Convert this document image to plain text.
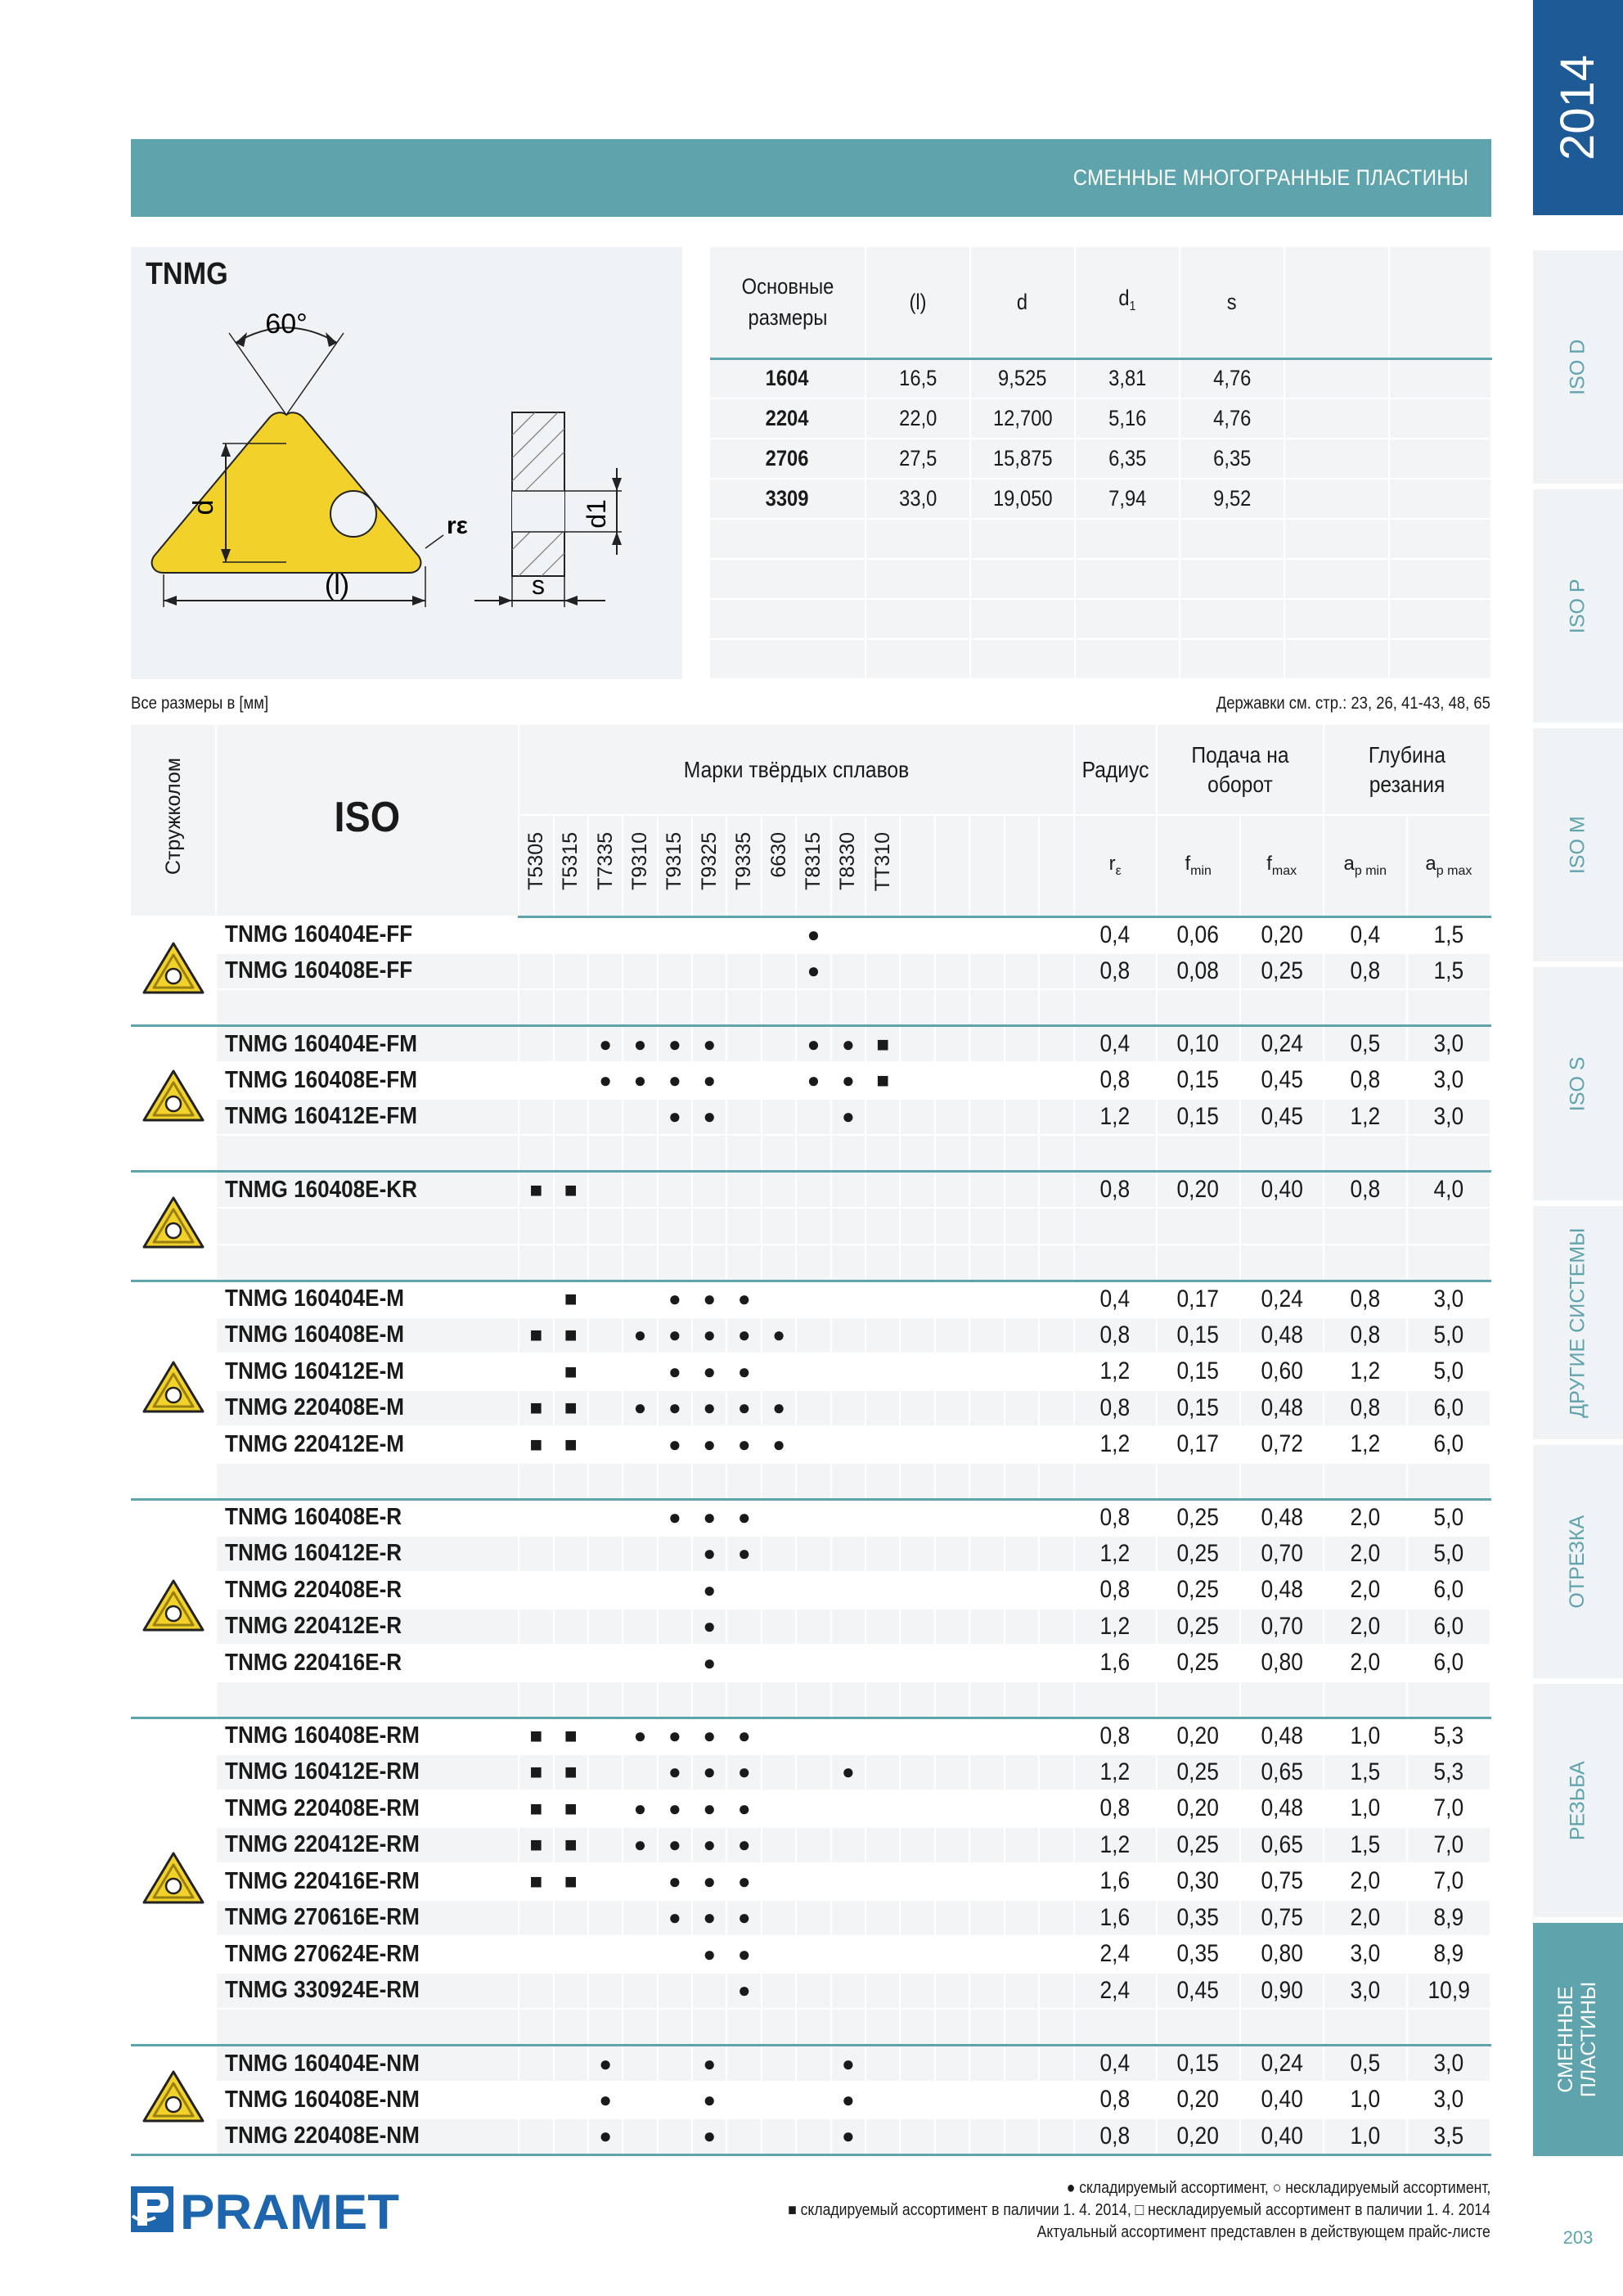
СМЕННЫЕ МНОГОГРАННЫЕ ПЛАСТИНЫ
2014
ISO D
ISO P
ISO M
ISO S
ДРУГИЕ СИСТЕМЫ
ОТРЕЗКА
РЕЗЬБА
СМЕННЫЕ ПЛАСТИНЫ
203
TNMG
60°
d
(l)
rε	d1
s
Основные размеры	(l)	d	$d_1$	s		
1604	16,5	9,525	3,81	4,76		
2204	22,0	12,700	5,16	4,76		
2706	27,5	15,875	6,35	6,35		
3309	33,0	19,050	7,94	9,52		

Все размеры в [мм]	Державки см. стр.: 23, 26, 41-43, 48, 65
Стружколом	ISO	Марки твёрдых сплавов																Радиус	Подача на оборот		Глубина резания	
		T5305	T5315	T7335	T9310	T9315	T9325	T9335	6630	T8315	T8330	TT310						$r_\varepsilon$	$f_{min}$	$f_{max}$	$a_{p min}$	$a_{p max}$
	TNMG 160404E-FF									●								0,4	0,06	0,20	0,4	1,5
	TNMG 160408E-FF									●								0,8	0,08	0,25	0,8	1,5

	TNMG 160404E-FM			●	●	●	●			●	●	■						0,4	0,10	0,24	0,5	3,0
	TNMG 160408E-FM			●	●	●	●			●	●	■						0,8	0,15	0,45	0,8	3,0
	TNMG 160412E-FM					●	●				●							1,2	0,15	0,45	1,2	3,0

	TNMG 160408E-KR	■	■															0,8	0,20	0,40	0,8	4,0

	TNMG 160404E-M		■			●	●	●										0,4	0,17	0,24	0,8	3,0
	TNMG 160408E-M	■	■		●	●	●	●	●									0,8	0,15	0,48	0,8	5,0
	TNMG 160412E-M		■			●	●	●										1,2	0,15	0,60	1,2	5,0
	TNMG 220408E-M	■	■		●	●	●	●	●									0,8	0,15	0,48	0,8	6,0
	TNMG 220412E-M	■	■			●	●	●	●									1,2	0,17	0,72	1,2	6,0

	TNMG 160408E-R					●	●	●										0,8	0,25	0,48	2,0	5,0
	TNMG 160412E-R						●	●										1,2	0,25	0,70	2,0	5,0
	TNMG 220408E-R						●											0,8	0,25	0,48	2,0	6,0
	TNMG 220412E-R						●											1,2	0,25	0,70	2,0	6,0
	TNMG 220416E-R						●											1,6	0,25	0,80	2,0	6,0

	TNMG 160408E-RM	■	■		●	●	●	●										0,8	0,20	0,48	1,0	5,3
	TNMG 160412E-RM	■	■			●	●	●			●							1,2	0,25	0,65	1,5	5,3
	TNMG 220408E-RM	■	■		●	●	●	●										0,8	0,20	0,48	1,0	7,0
	TNMG 220412E-RM	■	■		●	●	●	●										1,2	0,25	0,65	1,5	7,0
	TNMG 220416E-RM	■	■			●	●	●										1,6	0,30	0,75	2,0	7,0
	TNMG 270616E-RM					●	●	●										1,6	0,35	0,75	2,0	8,9
	TNMG 270624E-RM						●	●										2,4	0,35	0,80	3,0	8,9
	TNMG 330924E-RM							●										2,4	0,45	0,90	3,0	10,9

	TNMG 160404E-NM			●			●				●							0,4	0,15	0,24	0,5	3,0
	TNMG 160408E-NM			●			●				●							0,8	0,20	0,40	1,0	3,0
	TNMG 220408E-NM			●			●				●							0,8	0,20	0,40	1,0	3,5
● складируемый ассортимент, ○ нескладируемый ассортимент,
■ складируемый ассортимент в паличии 1. 4. 2014, □ нескладируемый ассортимент в паличии 1. 4. 2014
Актуальный ассортимент представлен в действующем прайс-листе
PRAMET
